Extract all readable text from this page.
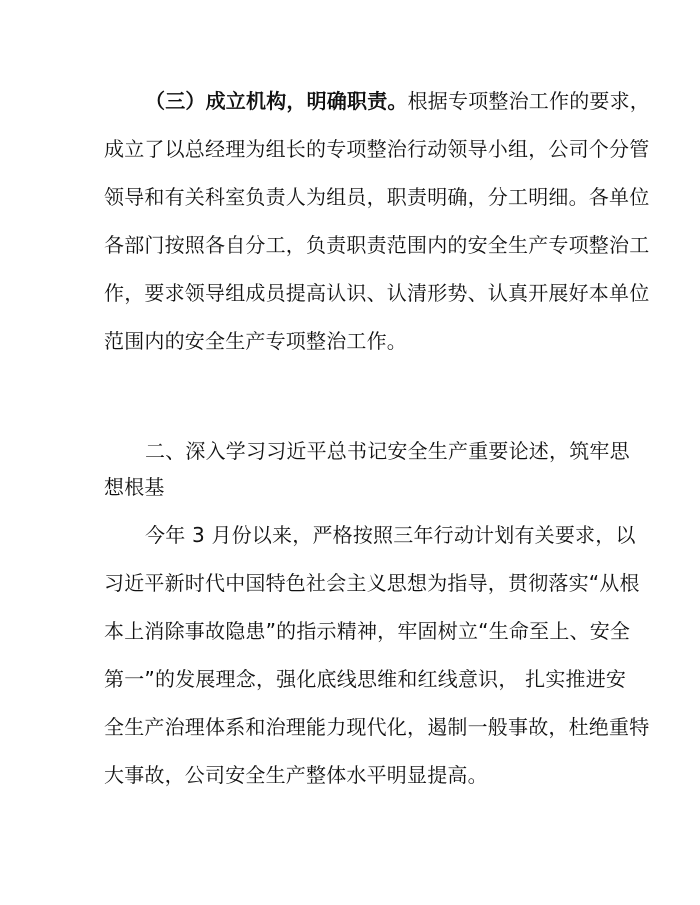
（三）成立机构，明确职责。根据专项整治工作的要求，
成立了以总经理为组长的专项整治行动领导小组，公司个分管
领导和有关科室负责人为组员，职责明确，分工明细。各单位
各部门按照各自分工，负责职责范围内的安全生产专项整治工
作，要求领导组成员提高认识、认清形势、认真开展好本单位
范围内的安全生产专项整治工作。
二、深入学习习近平总书记安全生产重要论述，筑牢思
想根基
今年 3 月份以来，严格按照三年行动计划有关要求，以
习近平新时代中国特色社会主义思想为指导，贯彻落实“从根
本上消除事故隐患”的指示精神，牢固树立“生命至上、安全
第一”的发展理念，强化底线思维和红线意识， 扎实推进安
全生产治理体系和治理能力现代化，遏制一般事故，杜绝重特
大事故，公司安全生产整体水平明显提高。
